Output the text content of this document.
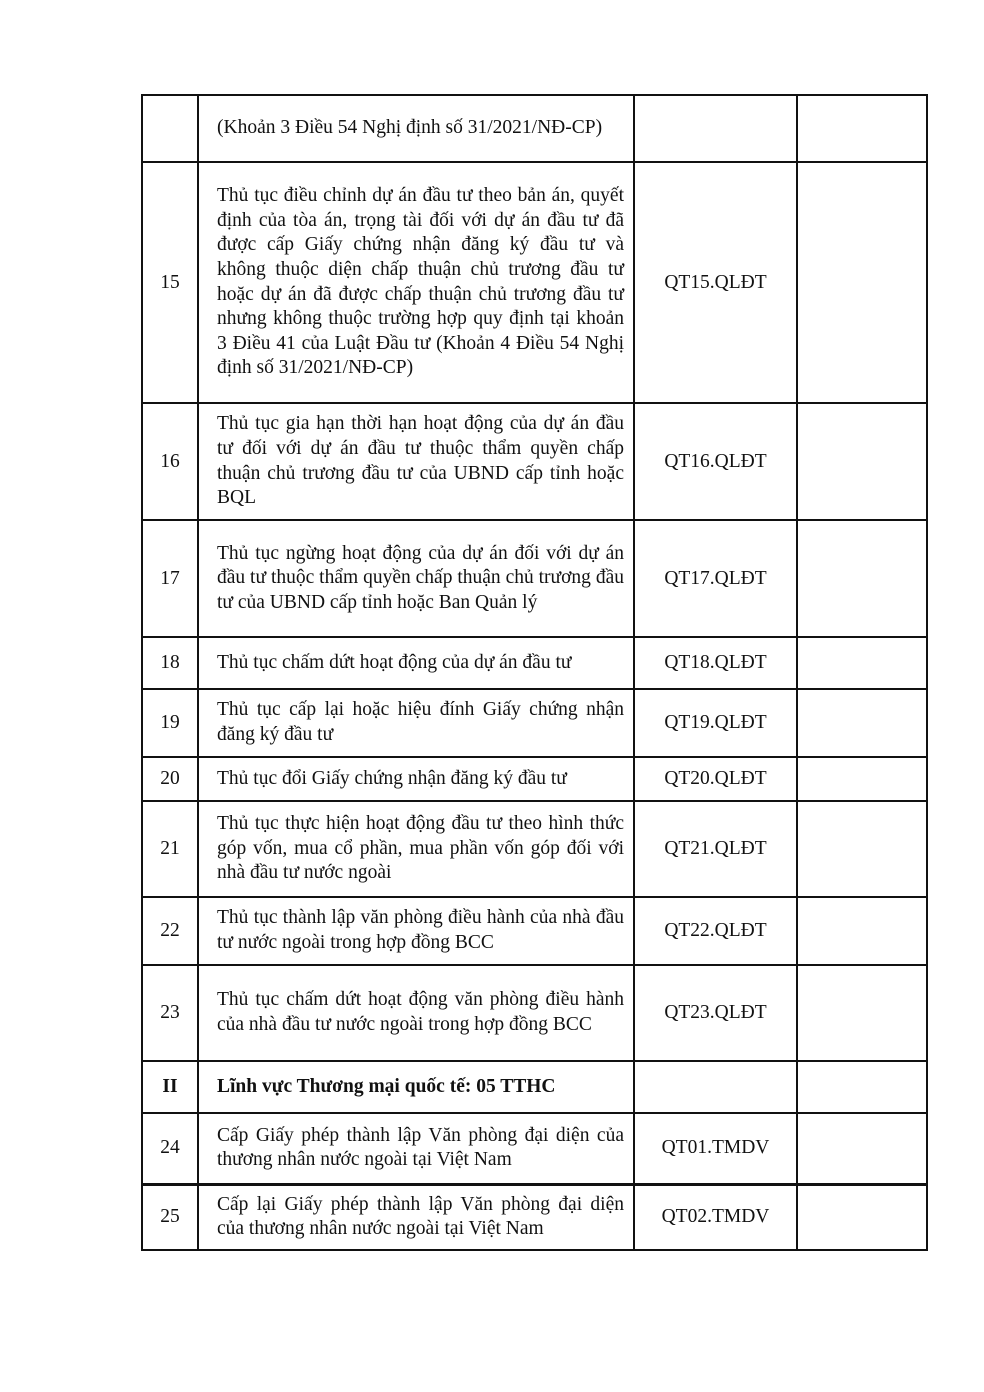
	(Khoản 3 Điều 54 Nghị định số 31/2021/NĐ-CP)		

15	Thủ tục điều chỉnh dự án đầu tư theo bản án, quyết định của tòa án, trọng tài đối với dự án đầu tư đã được cấp Giấy chứng nhận đăng ký đầu tư và không thuộc diện chấp thuận chủ trương đầu tư hoặc dự án đã được chấp thuận chủ trương đầu tư nhưng không thuộc trường hợp quy định tại khoản 3 Điều 41 của Luật Đầu tư (Khoản 4 Điều 54 Nghị định số 31/2021/NĐ-CP)	QT15.QLĐT	
16	Thủ tục gia hạn thời hạn hoạt động của dự án đầu tư đối với dự án đầu tư thuộc thẩm quyền chấp thuận chủ trương đầu tư của UBND cấp tỉnh hoặc BQL	QT16.QLĐT	
17	Thủ tục ngừng hoạt động của dự án đối với dự án đầu tư thuộc thẩm quyền chấp thuận chủ trương đầu tư của UBND cấp tỉnh hoặc Ban Quản lý	QT17.QLĐT	
18	Thủ tục chấm dứt hoạt động của dự án đầu tư	QT18.QLĐT	
19	Thủ tục cấp lại hoặc hiệu đính Giấy chứng nhận đăng ký đầu tư	QT19.QLĐT	
20	Thủ tục đổi Giấy chứng nhận đăng ký đầu tư	QT20.QLĐT	
21	Thủ tục thực hiện hoạt động đầu tư theo hình thức góp vốn, mua cổ phần, mua phần vốn góp đối với nhà đầu tư nước ngoài	QT21.QLĐT	
22	Thủ tục thành lập văn phòng điều hành của nhà đầu tư nước ngoài trong hợp đồng BCC	QT22.QLĐT	
23	Thủ tục chấm dứt hoạt động văn phòng điều hành của nhà đầu tư nước ngoài trong hợp đồng BCC	QT23.QLĐT	
II	Lĩnh vực Thương mại quốc tế: 05 TTHC		

24	Cấp Giấy phép thành lập Văn phòng đại diện của thương nhân nước ngoài tại Việt Nam	QT01.TMDV	
25	Cấp lại Giấy phép thành lập Văn phòng đại diện của thương nhân nước ngoài tại Việt Nam	QT02.TMDV	
